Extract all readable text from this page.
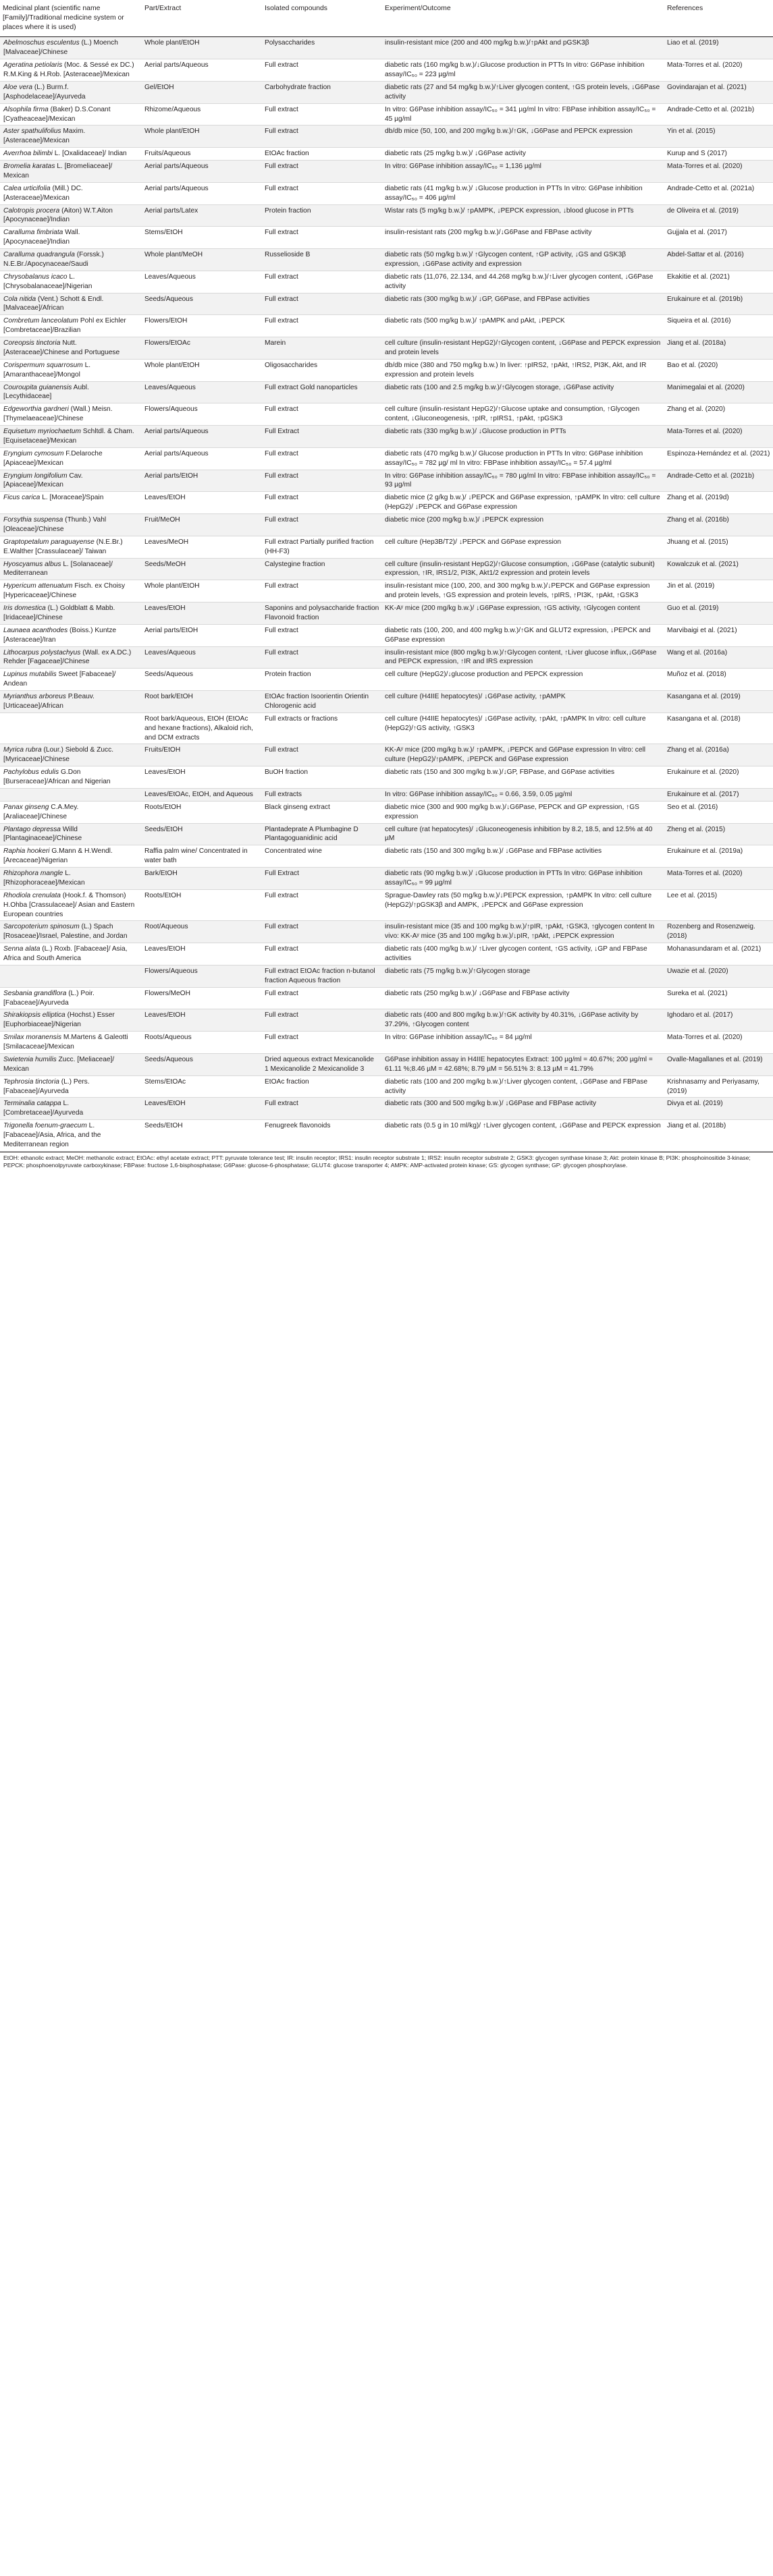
Medicinal plant (scientific name [Family]/Traditional medicine system or places where it is used)	Part/Extract	Isolated compounds	Experiment/Outcome	References
Abelmoschus esculentus (L.) Moench [Malvaceae]/Chinese	Whole plant/EtOH	Polysaccharides	insulin-resistant mice (200 and 400 mg/kg b.w.)/↑pAkt and pGSK3β	Liao et al. (2019)
Ageratina petiolaris (Moc. & Sessé ex DC.) R.M.King & H.Rob. [Asteraceae]/Mexican	Aerial parts/Aqueous	Full extract	diabetic rats (160 mg/kg b.w.)/↓Glucose production in PTTs In vitro: G6Pase inhibition assay/IC₅₀ = 223 µg/ml	Mata-Torres et al. (2020)
Aloe vera (L.) Burm.f. [Asphodelaceae]/Ayurveda	Gel/EtOH	Carbohydrate fraction	diabetic rats (27 and 54 mg/kg b.w.)/↑Liver glycogen content, ↑GS protein levels, ↓G6Pase activity	Govindarajan et al. (2021)
Alsophila firma (Baker) D.S.Conant [Cyatheaceae]/Mexican	Rhizome/Aqueous	Full extract	In vitro: G6Pase inhibition assay/IC₅₀ = 341 µg/ml In vitro: FBPase inhibition assay/IC₅₀ = 45 µg/ml	Andrade-Cetto et al. (2021b)
Aster spathulifolius Maxim. [Asteraceae]/Mexican	Whole plant/EtOH	Full extract	db/db mice (50, 100, and 200 mg/kg b.w.)/↑GK, ↓G6Pase and PEPCK expression	Yin et al. (2015)
Averrhoa bilimbi L. [Oxalidaceae]/ Indian	Fruits/Aqueous	EtOAc fraction	diabetic rats (25 mg/kg b.w.)/ ↓G6Pase activity	Kurup and S (2017)
Bromelia karatas L. [Bromeliaceae]/ Mexican	Aerial parts/Aqueous	Full extract	In vitro: G6Pase inhibition assay/IC₅₀ = 1,136 µg/ml	Mata-Torres et al. (2020)
Calea urticifolia (Mill.) DC. [Asteraceae]/Mexican	Aerial parts/Aqueous	Full extract	diabetic rats (41 mg/kg b.w.)/ ↓Glucose production in PTTs In vitro: G6Pase inhibition assay/IC₅₀ = 406 µg/ml	Andrade-Cetto et al. (2021a)
Calotropis procera (Aiton) W.T.Aiton [Apocynaceae]/Indian	Aerial parts/Latex	Protein fraction	Wistar rats (5 mg/kg b.w.)/ ↑pAMPK, ↓PEPCK expression, ↓blood glucose in PTTs	de Oliveira et al. (2019)
Caralluma fimbriata Wall. [Apocynaceae]/Indian	Stems/EtOH	Full extract	insulin-resistant rats (200 mg/kg b.w.)/↓G6Pase and FBPase activity	Gujjala et al. (2017)
Caralluma quadrangula (Forssk.) N.E.Br./Apocynaceae/Saudi	Whole plant/MeOH	Russelioside B	diabetic rats (50 mg/kg b.w.)/ ↑Glycogen content, ↑GP activity, ↓GS and GSK3β expression, ↓G6Pase activity and expression	Abdel-Sattar et al. (2016)
Chrysobalanus icaco L. [Chrysobalanaceae]/Nigerian	Leaves/Aqueous	Full extract	diabetic rats (11,076, 22.134, and 44.268 mg/kg b.w.)/↑Liver glycogen content, ↓G6Pase activity	Ekakitie et al. (2021)
Cola nitida (Vent.) Schott & Endl. [Malvaceae]/African	Seeds/Aqueous	Full extract	diabetic rats (300 mg/kg b.w.)/ ↓GP, G6Pase, and FBPase activities	Erukainure et al. (2019b)
Combretum lanceolatum Pohl ex Eichler [Combretaceae]/Brazilian	Flowers/EtOH	Full extract	diabetic rats (500 mg/kg b.w.)/ ↑pAMPK and pAkt, ↓PEPCK	Siqueira et al. (2016)
Coreopsis tinctoria Nutt. [Asteraceae]/Chinese and Portuguese	Flowers/EtOAc	Marein	cell culture (insulin-resistant HepG2)/↑Glycogen content, ↓G6Pase and PEPCK expression and protein levels	Jiang et al. (2018a)
Corispermum squarrosum L. [Amaranthaceae]/Mongol	Whole plant/EtOH	Oligosaccharides	db/db mice (380 and 750 mg/kg b.w.) In liver: ↑pIRS2, ↑pAkt, ↑IRS2, PI3K, Akt, and IR expression and protein levels	Bao et al. (2020)
Couroupita guianensis Aubl. [Lecythidaceae]	Leaves/Aqueous	Full extract Gold nanoparticles	diabetic rats (100 and 2.5 mg/kg b.w.)/↑Glycogen storage, ↓G6Pase activity	Manimegalai et al. (2020)
Edgeworthia gardneri (Wall.) Meisn. [Thymelaeaceae]/Chinese	Flowers/Aqueous	Full extract	cell culture (insulin-resistant HepG2)/↑Glucose uptake and consumption, ↑Glycogen content, ↓Gluconeogenesis, ↑pIR, ↑pIRS1, ↑pAkt, ↑pGSK3	Zhang et al. (2020)
Equisetum myriochaetum Schltdl. & Cham. [Equisetaceae]/Mexican	Aerial parts/Aqueous	Full Extract	diabetic rats (330 mg/kg b.w.)/ ↓Glucose production in PTTs	Mata-Torres et al. (2020)
Eryngium cymosum F.Delaroche [Apiaceae]/Mexican	Aerial parts/Aqueous	Full extract	diabetic rats (470 mg/kg b.w.)/ Glucose production in PTTs In vitro: G6Pase inhibition assay/IC₅₀ = 782 µg/ ml In vitro: FBPase inhibition assay/IC₅₀ = 57.4 µg/ml	Espinoza-Hernández et al. (2021)
Eryngium longifolium Cav. [Apiaceae]/Mexican	Aerial parts/EtOH	Full extract	In vitro: G6Pase inhibition assay/IC₅₀ = 780 µg/ml In vitro: FBPase inhibition assay/IC₅₀ = 93 µg/ml	Andrade-Cetto et al. (2021b)
Ficus carica L. [Moraceae]/Spain	Leaves/EtOH	Full extract	diabetic mice (2 g/kg b.w.)/ ↓PEPCK and G6Pase expression, ↑pAMPK In vitro: cell culture (HepG2)/ ↓PEPCK and G6Pase expression	Zhang et al. (2019d)
Forsythia suspensa (Thunb.) Vahl [Oleaceae]/Chinese	Fruit/MeOH	Full extract	diabetic mice (200 mg/kg b.w.)/ ↓PEPCK expression	Zhang et al. (2016b)
Graptopetalum paraguayense (N.E.Br.) E.Walther [Crassulaceae]/ Taiwan	Leaves/MeOH	Full extract Partially purified fraction (HH-F3)	cell culture (Hep3B/T2)/ ↓PEPCK and G6Pase expression	Jhuang et al. (2015)
Hyoscyamus albus L. [Solanaceae]/ Mediterranean	Seeds/MeOH	Calystegine fraction	cell culture (insulin-resistant HepG2)/↑Glucose consumption, ↓G6Pase (catalytic subunit) expression, ↑IR, IRS1/2, PI3K, Akt1/2 expression and protein levels	Kowalczuk et al. (2021)
Hypericum attenuatum Fisch. ex Choisy [Hypericaceae]/Chinese	Whole plant/EtOH	Full extract	insulin-resistant mice (100, 200, and 300 mg/kg b.w.)/↓PEPCK and G6Pase expression and protein levels, ↑GS expression and protein levels, ↑pIRS, ↑PI3K, ↑pAkt, ↑GSK3	Jin et al. (2019)
Iris domestica (L.) Goldblatt & Mabb. [Iridaceae]/Chinese	Leaves/EtOH	Saponins and polysaccharide fraction Flavonoid fraction	KK-Aʸ mice (200 mg/kg b.w.)/ ↓G6Pase expression, ↑GS activity, ↑Glycogen content	Guo et al. (2019)
Launaea acanthodes (Boiss.) Kuntze [Asteraceae]/Iran	Aerial parts/EtOH	Full extract	diabetic rats (100, 200, and 400 mg/kg b.w.)/↑GK and GLUT2 expression, ↓PEPCK and G6Pase expression	Marvibaigi et al. (2021)
Lithocarpus polystachyus (Wall. ex A.DC.) Rehder [Fagaceae]/Chinese	Leaves/Aqueous	Full extract	insulin-resistant mice (800 mg/kg b.w.)/↑Glycogen content, ↑Liver glucose influx,↓G6Pase and PEPCK expression, ↑IR and IRS expression	Wang et al. (2016a)
Lupinus mutabilis Sweet [Fabaceae]/ Andean	Seeds/Aqueous	Protein fraction	cell culture (HepG2)/↓glucose production and PEPCK expression	Muñoz et al. (2018)
Myrianthus arboreus P.Beauv. [Urticaceae]/African	Root bark/EtOH	EtOAc fraction Isoorientin Orientin Chlorogenic acid	cell culture (H4IIE hepatocytes)/ ↓G6Pase activity, ↑pAMPK	Kasangana et al. (2019)
	Root bark/Aqueous, EtOH (EtOAc and hexane fractions), Alkaloid rich, and DCM extracts	Full extracts or fractions	cell culture (H4IIE hepatocytes)/ ↓G6Pase activity, ↑pAkt, ↑pAMPK In vitro: cell culture (HepG2)/↑GS activity, ↑GSK3	Kasangana et al. (2018)
Myrica rubra (Lour.) Siebold & Zucc. [Myricaceae]/Chinese	Fruits/EtOH	Full extract	KK-Aʸ mice (200 mg/kg b.w.)/ ↑pAMPK, ↓PEPCK and G6Pase expression In vitro: cell culture (HepG2)/↑pAMPK, ↓PEPCK and G6Pase expression	Zhang et al. (2016a)
Pachylobus edulis G.Don [Burseraceae]/African and Nigerian	Leaves/EtOH	BuOH fraction	diabetic rats (150 and 300 mg/kg b.w.)/↓GP, FBPase, and G6Pase activities	Erukainure et al. (2020)
	Leaves/EtOAc, EtOH, and Aqueous	Full extracts	In vitro: G6Pase inhibition assay/IC₅₀ = 0.66, 3.59, 0.05 µg/ml	Erukainure et al. (2017)
Panax ginseng C.A.Mey. [Araliaceae]/Chinese	Roots/EtOH	Black ginseng extract	diabetic mice (300 and 900 mg/kg b.w.)/↓G6Pase, PEPCK and GP expression, ↑GS expression	Seo et al. (2016)
Plantago depressa Willd [Plantaginaceae]/Chinese	Seeds/EtOH	Plantadeprate A Plumbagine D Plantagoguanidinic acid	cell culture (rat hepatocytes)/ ↓Gluconeogenesis inhibition by 8.2, 18.5, and 12.5% at 40 µM	Zheng et al. (2015)
Raphia hookeri G.Mann & H.Wendl. [Arecaceae]/Nigerian	Raffia palm wine/ Concentrated in water bath	Concentrated wine	diabetic rats (150 and 300 mg/kg b.w.)/ ↓G6Pase and FBPase activities	Erukainure et al. (2019a)
Rhizophora mangle L. [Rhizophoraceae]/Mexican	Bark/EtOH	Full Extract	diabetic rats (90 mg/kg b.w.)/ ↓Glucose production in PTTs In vitro: G6Pase inhibition assay/IC₅₀ = 99 µg/ml	Mata-Torres et al. (2020)
Rhodiola crenulata (Hook.f. & Thomson) H.Ohba [Crassulaceae]/ Asian and Eastern European countries	Roots/EtOH	Full extract	Sprague-Dawley rats (50 mg/kg b.w.)/↓PEPCK expression, ↑pAMPK In vitro: cell culture (HepG2)/↑pGSK3β and AMPK, ↓PEPCK and G6Pase expression	Lee et al. (2015)
Sarcopoterium spinosum (L.) Spach [Rosaceae]/Israel, Palestine, and Jordan	Root/Aqueous	Full extract	insulin-resistant mice (35 and 100 mg/kg b.w.)/↑pIR, ↑pAkt, ↑GSK3, ↑glycogen content In vivo: KK-Aʸ mice (35 and 100 mg/kg b.w.)/↓pIR, ↑pAkt, ↓PEPCK expression	Rozenberg and Rosenzweig. (2018)
Senna alata (L.) Roxb. [Fabaceae]/ Asia, Africa and South America	Leaves/EtOH	Full extract	diabetic rats (400 mg/kg b.w.)/ ↑Liver glycogen content, ↑GS activity, ↓GP and FBPase activities	Mohanasundaram et al. (2021)
	Flowers/Aqueous	Full extract EtOAc fraction n-butanol fraction Aqueous fraction	diabetic rats (75 mg/kg b.w.)/↑Glycogen storage	Uwazie et al. (2020)
Sesbania grandiflora (L.) Poir. [Fabaceae]/Ayurveda	Flowers/MeOH	Full extract	diabetic rats (250 mg/kg b.w.)/ ↓G6Pase and FBPase activity	Sureka et al. (2021)
Shirakiopsis elliptica (Hochst.) Esser [Euphorbiaceae]/Nigerian	Leaves/EtOH	Full extract	diabetic rats (400 and 800 mg/kg b.w.)/↑GK activity by 40.31%, ↓G6Pase activity by 37.29%, ↑Glycogen content	Ighodaro et al. (2017)
Smilax moranensis M.Martens & Galeotti [Smilacaceae]/Mexican	Roots/Aqueous	Full extract	In vitro: G6Pase inhibition assay/IC₅₀ = 84 µg/ml	Mata-Torres et al. (2020)
Swietenia humilis Zucc. [Meliaceae]/ Mexican	Seeds/Aqueous	Dried aqueous extract Mexicanolide 1 Mexicanolide 2 Mexicanolide 3	G6Pase inhibition assay in H4IIE hepatocytes Extract: 100 µg/ml = 40.67%; 200 µg/ml = 61.11 %;8.46 µM = 42.68%; 8.79 µM = 56.51% 3: 8.13 µM = 41.79%	Ovalle-Magallanes et al. (2019)
Tephrosia tinctoria (L.) Pers. [Fabaceae]/Ayurveda	Stems/EtOAc	EtOAc fraction	diabetic rats (100 and 200 mg/kg b.w.)/↑Liver glycogen content, ↓G6Pase and FBPase activity	Krishnasamy and Periyasamy, (2019)
Terminalia catappa L. [Combretaceae]/Ayurveda	Leaves/EtOH	Full extract	diabetic rats (300 and 500 mg/kg b.w.)/ ↓G6Pase and FBPase activity	Divya et al. (2019)
Trigonella foenum-graecum L. [Fabaceae]/Asia, Africa, and the Mediterranean region	Seeds/EtOH	Fenugreek flavonoids	diabetic rats (0.5 g in 10 ml/kg)/ ↑Liver glycogen content, ↓G6Pase and PEPCK expression	Jiang et al. (2018b)
EtOH: ethanolic extract; MeOH: methanolic extract; EtOAc: ethyl acetate extract; PTT: pyruvate tolerance test; IR: insulin receptor; IRS1: insulin receptor substrate 1; IRS2: insulin receptor substrate 2; GSK3: glycogen synthase kinase 3; Akt: protein kinase B; PI3K: phosphoinositide 3-kinase; PEPCK: phosphoenolpyruvate carboxykinase; FBPase: fructose 1,6-bisphosphatase; G6Pase: glucose-6-phosphatase; GLUT4: glucose transporter 4; AMPK: AMP-activated protein kinase; GS: glycogen synthase; GP: glycogen phosphorylase.
